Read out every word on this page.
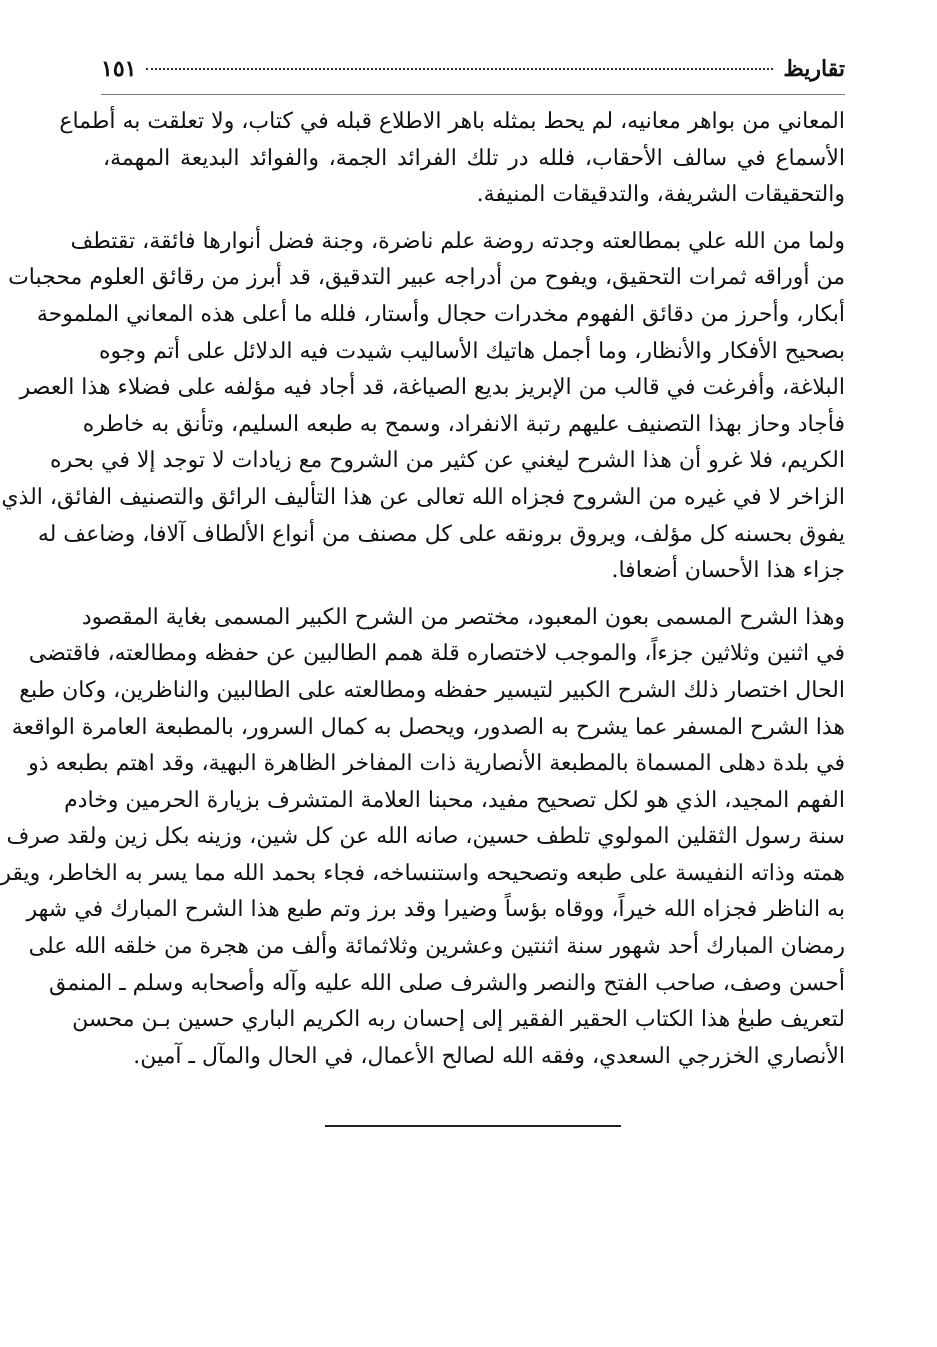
تقاريظ
١٥١
المعاني من بواهر معانيه، لم يحط بمثله باهر الاطلاع قبله في كتاب، ولا تعلقت به أطماع
الأسماع في سالف الأحقاب، فلله در تلك الفرائد الجمة، والفوائد البديعة المهمة،
والتحقيقات الشريفة، والتدقيقات المنيفة.
ولما من الله علي بمطالعته وجدته روضة علم ناضرة، وجنة فضل أنوارها فائقة، تقتطف
من أوراقه ثمرات التحقيق، ويفوح من أدراجه عبير التدقيق، قد أبرز من رقائق العلوم محجبات
أبكار، وأحرز من دقائق الفهوم مخدرات حجال وأستار، فلله ما أعلى هذه المعاني الملموحة
بصحيح الأفكار والأنظار، وما أجمل هاتيك الأساليب شيدت فيه الدلائل على أتم وجوه
البلاغة، وأفرغت في قالب من الإبريز بديع الصياغة، قد أجاد فيه مؤلفه على فضلاء هذا العصر
فأجاد وحاز بهذا التصنيف عليهم رتبة الانفراد، وسمح به طبعه السليم، وتأنق به خاطره
الكريم، فلا غرو أن هذا الشرح ليغني عن كثير من الشروح مع زيادات لا توجد إلا في بحره
الزاخر لا في غيره من الشروح فجزاه الله تعالى عن هذا التأليف الرائق والتصنيف الفائق، الذي
يفوق بحسنه كل مؤلف، ويروق برونقه على كل مصنف من أنواع الألطاف آلافا، وضاعف له
جزاء هذا الأحسان أضعافا.
وهذا الشرح المسمى بعون المعبود، مختصر من الشرح الكبير المسمى بغاية المقصود
في اثنين وثلاثين جزءاً، والموجب لاختصاره قلة همم الطالبين عن حفظه ومطالعته، فاقتضى
الحال اختصار ذلك الشرح الكبير لتيسير حفظه ومطالعته على الطالبين والناظرين، وكان طبع
هذا الشرح المسفر عما يشرح به الصدور، ويحصل به كمال السرور، بالمطبعة العامرة الواقعة
في بلدة دهلى المسماة بالمطبعة الأنصارية ذات المفاخر الظاهرة البهية، وقد اهتم بطبعه ذو
الفهم المجيد، الذي هو لكل تصحيح مفيد، محبنا العلامة المتشرف بزيارة الحرمين وخادم
سنة رسول الثقلين المولوي تلطف حسين، صانه الله عن كل شين، وزينه بكل زين ولقد صرف
همته وذاته النفيسة على طبعه وتصحيحه واستنساخه، فجاء بحمد الله مما يسر به الخاطر، ويقر
به الناظر فجزاه الله خيراً، ووقاه بؤساً وضيرا وقد برز وتم طبع هذا الشرح المبارك في شهر
رمضان المبارك أحد شهور سنة اثنتين وعشرين وثلاثمائة وألف من هجرة من خلقه الله على
أحسن وصف، صاحب الفتح والنصر والشرف صلى الله عليه وآله وأصحابه وسلم ـ المنمق
لتعريف طبعٰ هذا الكتاب الحقير الفقير إلى إحسان ربه الكريم الباري حسين بـن محسن
الأنصاري الخزرجي السعدي، وفقه الله لصالح الأعمال، في الحال والمآل ـ آمين.
